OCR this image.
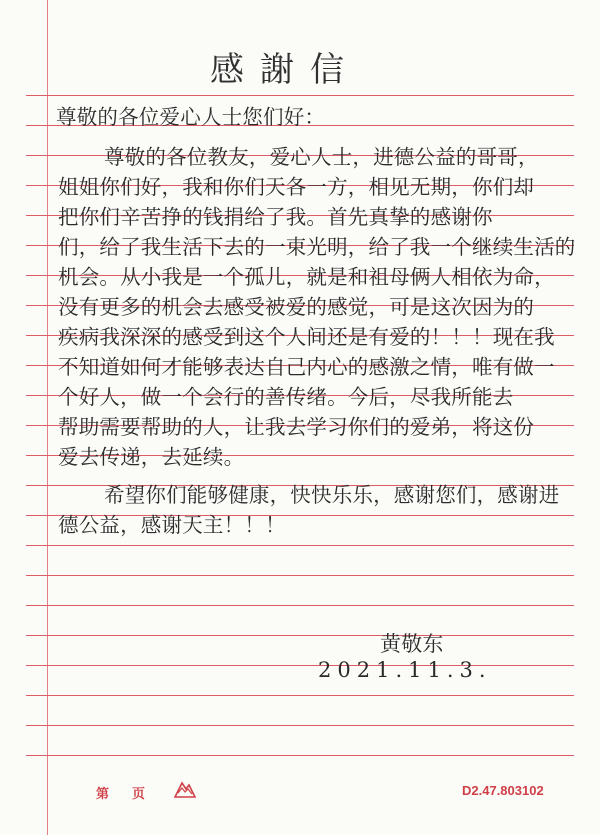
感謝信
尊敬的各位爱心人士您们好：
尊敬的各位教友，爱心人士，进德公益的哥哥，
姐姐你们好，我和你们天各一方，相见无期，你们却
把你们辛苦挣的钱捐给了我。首先真挚的感谢你
们，给了我生活下去的一束光明，给了我一个继续生活的
机会。从小我是一个孤儿，就是和祖母俩人相依为命，
没有更多的机会去感受被爱的感觉，可是这次因为的
疾病我深深的感受到这个人间还是有爱的！！！现在我
不知道如何才能够表达自己内心的感激之情，唯有做一
个好人，做一个会行的善传绪。今后，尽我所能去
帮助需要帮助的人，让我去学习你们的爱弟，将这份
爱去传递，去延续。
希望你们能够健康，快快乐乐，感谢您们，感谢进
德公益，感谢天主！！！
黄敬东
2021.11.3.
第 页	D2.47.803102
